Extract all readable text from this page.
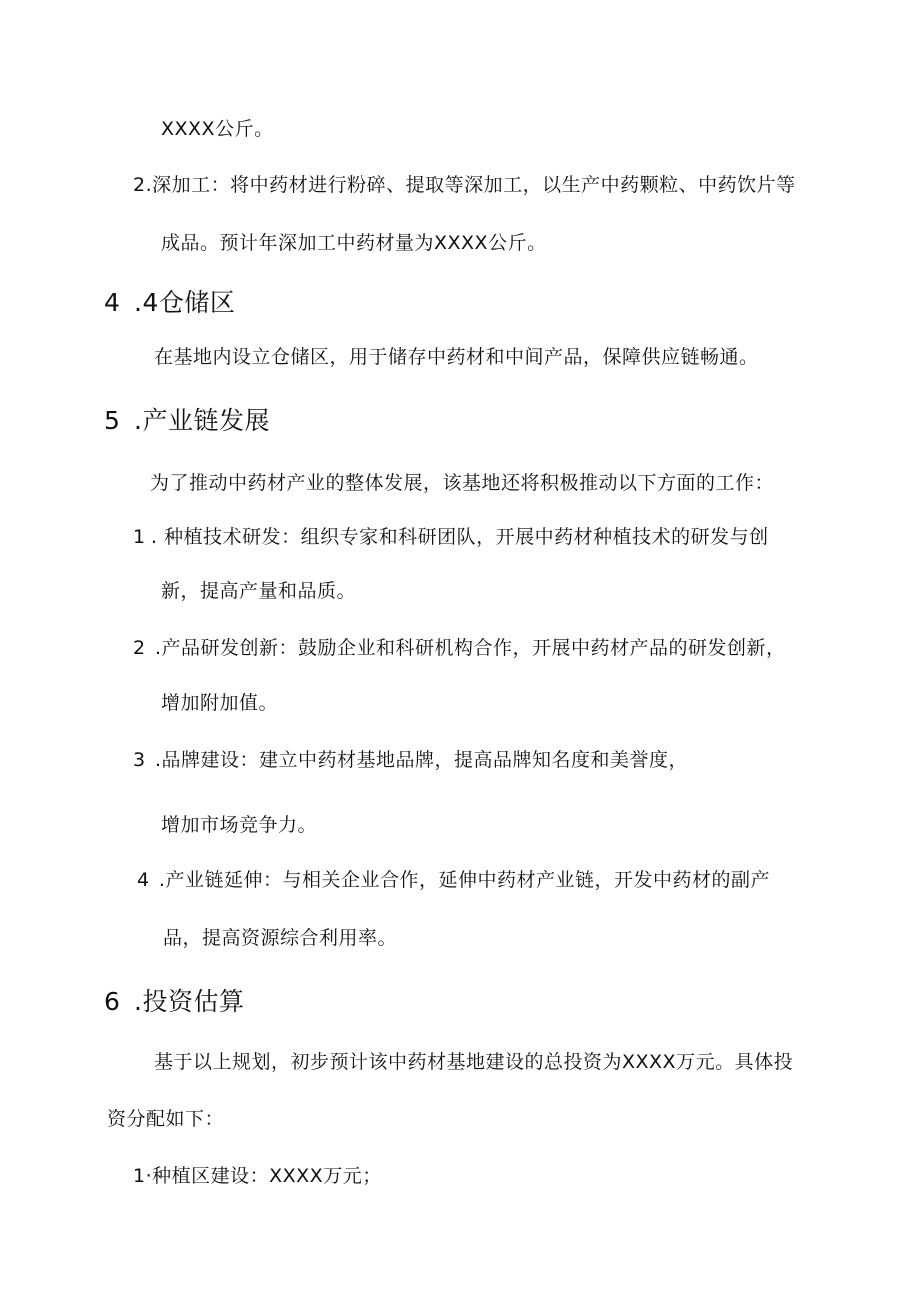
XXXX公斤。
2.深加工：将中药材进行粉碎、提取等深加工，以生产中药颗粒、中药饮片等
成品。预计年深加工中药材量为XXXX公斤。
4 .4仓储区
在基地内设立仓储区，用于储存中药材和中间产品，保障供应链畅通。
5 .产业链发展
为了推动中药材产业的整体发展，该基地还将积极推动以下方面的工作：
1 . 种植技术研发：组织专家和科研团队，开展中药材种植技术的研发与创
新，提高产量和品质。
2 .产品研发创新：鼓励企业和科研机构合作，开展中药材产品的研发创新，
增加附加值。
3 .品牌建设：建立中药材基地品牌，提高品牌知名度和美誉度，
增加市场竞争力。
4 .产业链延伸：与相关企业合作，延伸中药材产业链，开发中药材的副产
品，提高资源综合利用率。
6 .投资估算
基于以上规划，初步预计该中药材基地建设的总投资为XXXX万元。具体投
资分配如下：
1·种植区建设：XXXX万元；
